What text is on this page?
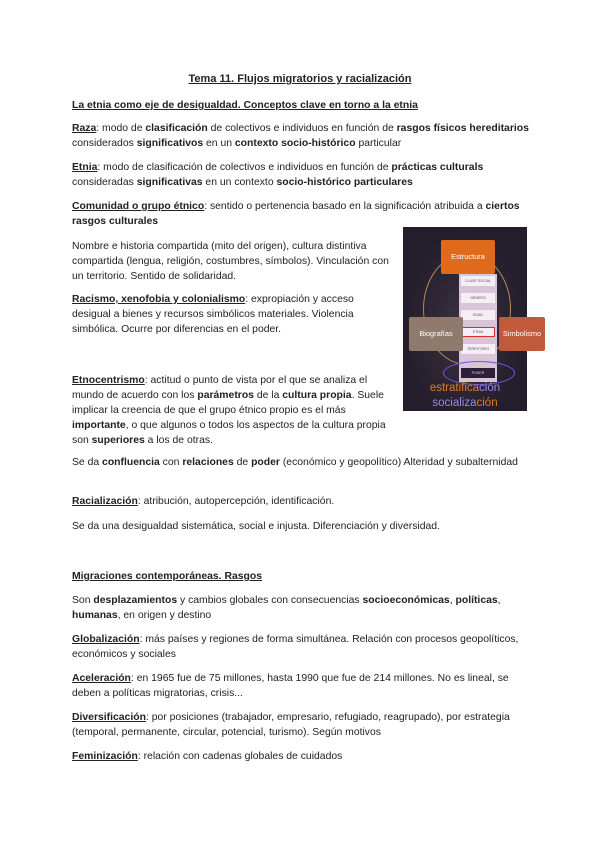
Tema 11. Flujos migratorios y racialización
La etnia como eje de desigualdad. Conceptos clave en torno a la etnia
Raza: modo de clasificación de colectivos e individuos en función de rasgos físicos hereditarios considerados significativos en un contexto socio-histórico particular
Etnia: modo de clasificación de colectivos e individuos en función de prácticas culturals consideradas significativas en un contexto socio-histórico particulares
Comunidad o grupo étnico: sentido o pertenencia basado en la significación atribuida a ciertos rasgos culturales
Nombre e historia compartida (mito del origen), cultura distintiva compartida (lengua, religión, costumbres, símbolos). Vinculación con un territorio. Sentido de solidaridad.
Racismo, xenofobia y colonialismo: expropiación y acceso desigual a bienes y recursos simbólicos materiales. Violencia simbólica. Ocurre por diferencias en el poder.
Etnocentrismo: actitud o punto de vista por el que se analiza el mundo de acuerdo con los parámetros de la cultura propia. Suele implicar la creencia de que el grupo étnico propio es el más importante, o que algunos o todos los aspectos de la cultura propia son superiores a los de otras.
Se da confluencia con relaciones de poder (económico y geopolítico) Alteridad y subalternidad
Racialización: atribución, autopercepción, identificación.
Se da una desigualdad sistemática, social e injusta. Diferenciación y diversidad.
Migraciones contemporáneas. Rasgos
Son desplazamientos y cambios globales con consecuencias socioeconómicas, políticas, humanas, en origen y destino
Globalización: más países y regiones de forma simultánea. Relación con procesos geopolíticos, económicos y sociales
Aceleración: en 1965 fue de 75 millones, hasta 1990 que fue de 214 millones. No es lineal, se deben a políticas migratorias, crisis...
Diversificación: por posiciones (trabajador, empresario, refugiado, reagrupado), por estrategia (temporal, permanente, circular, potencial, turismo). Según motivos
Feminización: relación con cadenas globales de cuidados
CLASE SOCIAL
GÉNERO
EDAD
ETNIA
TERRITORIO
PODER
Estructura
Biografías	Simbolismo
estratificación
socialización
